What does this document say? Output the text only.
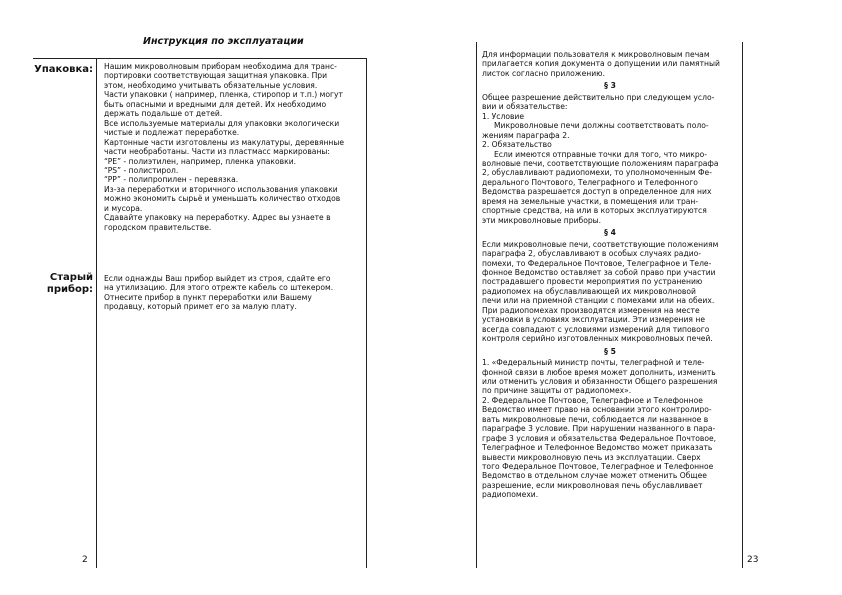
Инструкция по эксплуатации
Упаковка: Нашим микроволновым приборам необходима для транс-

портировки соответствующая защитная упаковка. При

этом, необходимо учитывать обязательные условия.

Части упаковки ( например, пленка, стиропор и т.п.) могут

быть опасными и вредными для детей. Их необходимо

держать подальше от детей.

Все используемые материалы для упаковки экологически

чистые и подлежат переработке.

Картонные части изготовлены из макулатуры, деревянные

части необработаны. Части из пластмасс маркированы:

“PE” - полиэтилен, например, пленка упаковки.

“PS” - полистирол.

“PP” - полипропилен - перевязка.

Из-за переработки и вторичного использования упаковки

можно экономить сырьё и уменьшать количество отходов

и мусора.

Сдавайте упаковку на переработку. Адрес вы узнаете в

городском правительстве.

Старый
прибор:

Если однажды Ваш прибор выйдет из строя, сдайте его

на утилизацию. Для этого отрежте кабель со штекером.

Отнесите прибор в пункт переработки или Вашему

продавцу, который примет его за малую плату.

2

Для информации пользователя к микроволновым печам

прилагается копия документа о допущении или памятный

листок согласно приложению.

§ 3

Общее разрешение действительно при следующем усло-

вии и обязательстве:

1. Условие

Микроволновые печи должны соответствовать поло-

жениям параграфа 2.

2. Обязательство

Если имеются отправные точки для того, что микро-

волновые печи, соответствующие положениям параграфа

2, обуславливают радиопомехи, то уполномоченным Фе-

дерального Почтового, Телеграфного и Телефонного

Ведомства разрешается доступ в определенное для них

время на земельные участки, в помещения или тран-

спортные средства, на или в которых эксплуатируются

эти микроволновые приборы.

§ 4

Если микроволновые печи, соответствующие положениям

параграфа 2, обуславливают в особых случаях радио-

помехи, то Федеральное Почтовое, Телеграфное и Теле-

фонное Ведомство оставляет за собой право при участии

пострадавшего провести мероприятия по устранению

радиопомех на обуславливающей их микроволновой

печи или на приемной станции с помехами или на обеих.

При радиопомехах производятся измерения на месте

установки в условиях эксплуатации. Эти измерения не

всегда совпадают с условиями измерений для типового

контроля серийно изготовленных микроволновых печей.

§ 5

1. «Федеральный министр почты, телеграфной и теле-

фонной связи в любое время может дополнить, изменить

или отменить условия и обязанности Общего разрешения

по причине защиты от радиопомех».

2. Федеральное Почтовое, Телеграфное и Телефонное

Ведомство имеет право на основании этого контролиро-

вать микроволновые печи, соблюдается ли названное в

параграфе 3 условие. При нарушении названного в пара-

графе 3 условия и обязательства Федеральное Почтовое,

Телеграфное и Телефонное Ведомство может приказать

вывести микроволновую печь из эксплуатации. Сверх

того Федеральное Почтовое, Телеграфное и Телефонное

Ведомство в отдельном случае может отменить Общее

разрешение, если микроволновая печь обуславливает

радиопомехи.

23
